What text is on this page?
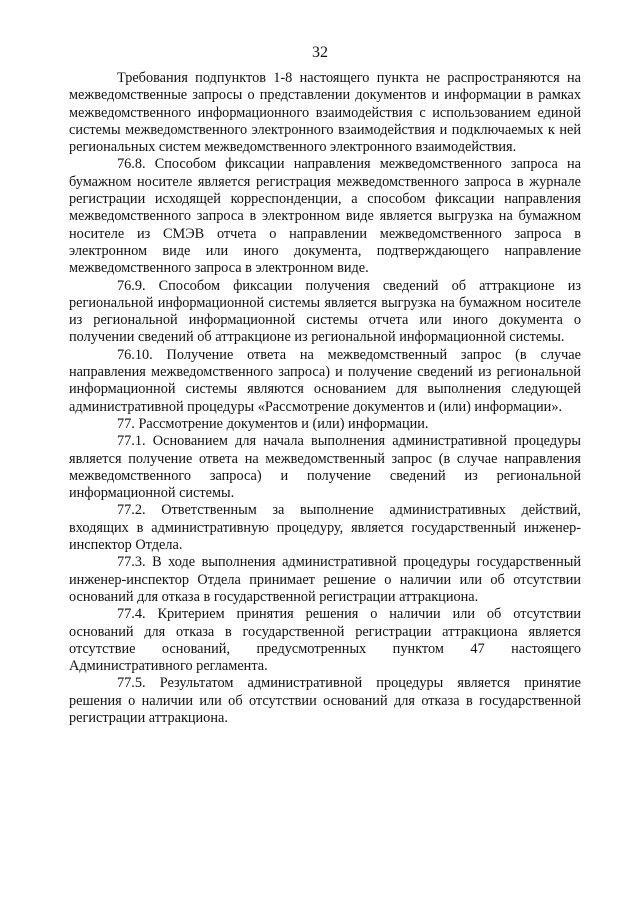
32

Требования подпунктов 1-8 настоящего пункта не распространяются на межведомственные запросы о представлении документов и информации в рамках межведомственного информационного взаимодействия с использованием единой системы межведомственного электронного взаимодействия и подключаемых к ней региональных систем межведомственного электронного взаимодействия.

76.8. Способом фиксации направления межведомственного запроса на бумажном носителе является регистрация межведомственного запроса в журнале регистрации исходящей корреспонденции, а способом фиксации направления межведомственного запроса в электронном виде является выгрузка на бумажном носителе из СМЭВ отчета о направлении межведомственного запроса в электронном виде или иного документа, подтверждающего направление межведомственного запроса в электронном виде.

76.9. Способом фиксации получения сведений об аттракционе из региональной информационной системы является выгрузка на бумажном носителе из региональной информационной системы отчета или иного документа о получении сведений об аттракционе из региональной информационной системы.

76.10. Получение ответа на межведомственный запрос (в случае направления межведомственного запроса) и получение сведений из региональной информационной системы являются основанием для выполнения следующей административной процедуры «Рассмотрение документов и (или) информации».

77. Рассмотрение документов и (или) информации.

77.1. Основанием для начала выполнения административной процедуры является получение ответа на межведомственный запрос (в случае направления межведомственного запроса) и получение сведений из региональной информационной системы.

77.2. Ответственным за выполнение административных действий, входящих в административную процедуру, является государственный инженер-инспектор Отдела.

77.3. В ходе выполнения административной процедуры государственный инженер-инспектор Отдела принимает решение о наличии или об отсутствии оснований для отказа в государственной регистрации аттракциона.

77.4. Критерием принятия решения о наличии или об отсутствии оснований для отказа в государственной регистрации аттракциона является отсутствие оснований, предусмотренных пунктом 47 настоящего Административного регламента.

77.5. Результатом административной процедуры является принятие решения о наличии или об отсутствии оснований для отказа в государственной регистрации аттракциона.
